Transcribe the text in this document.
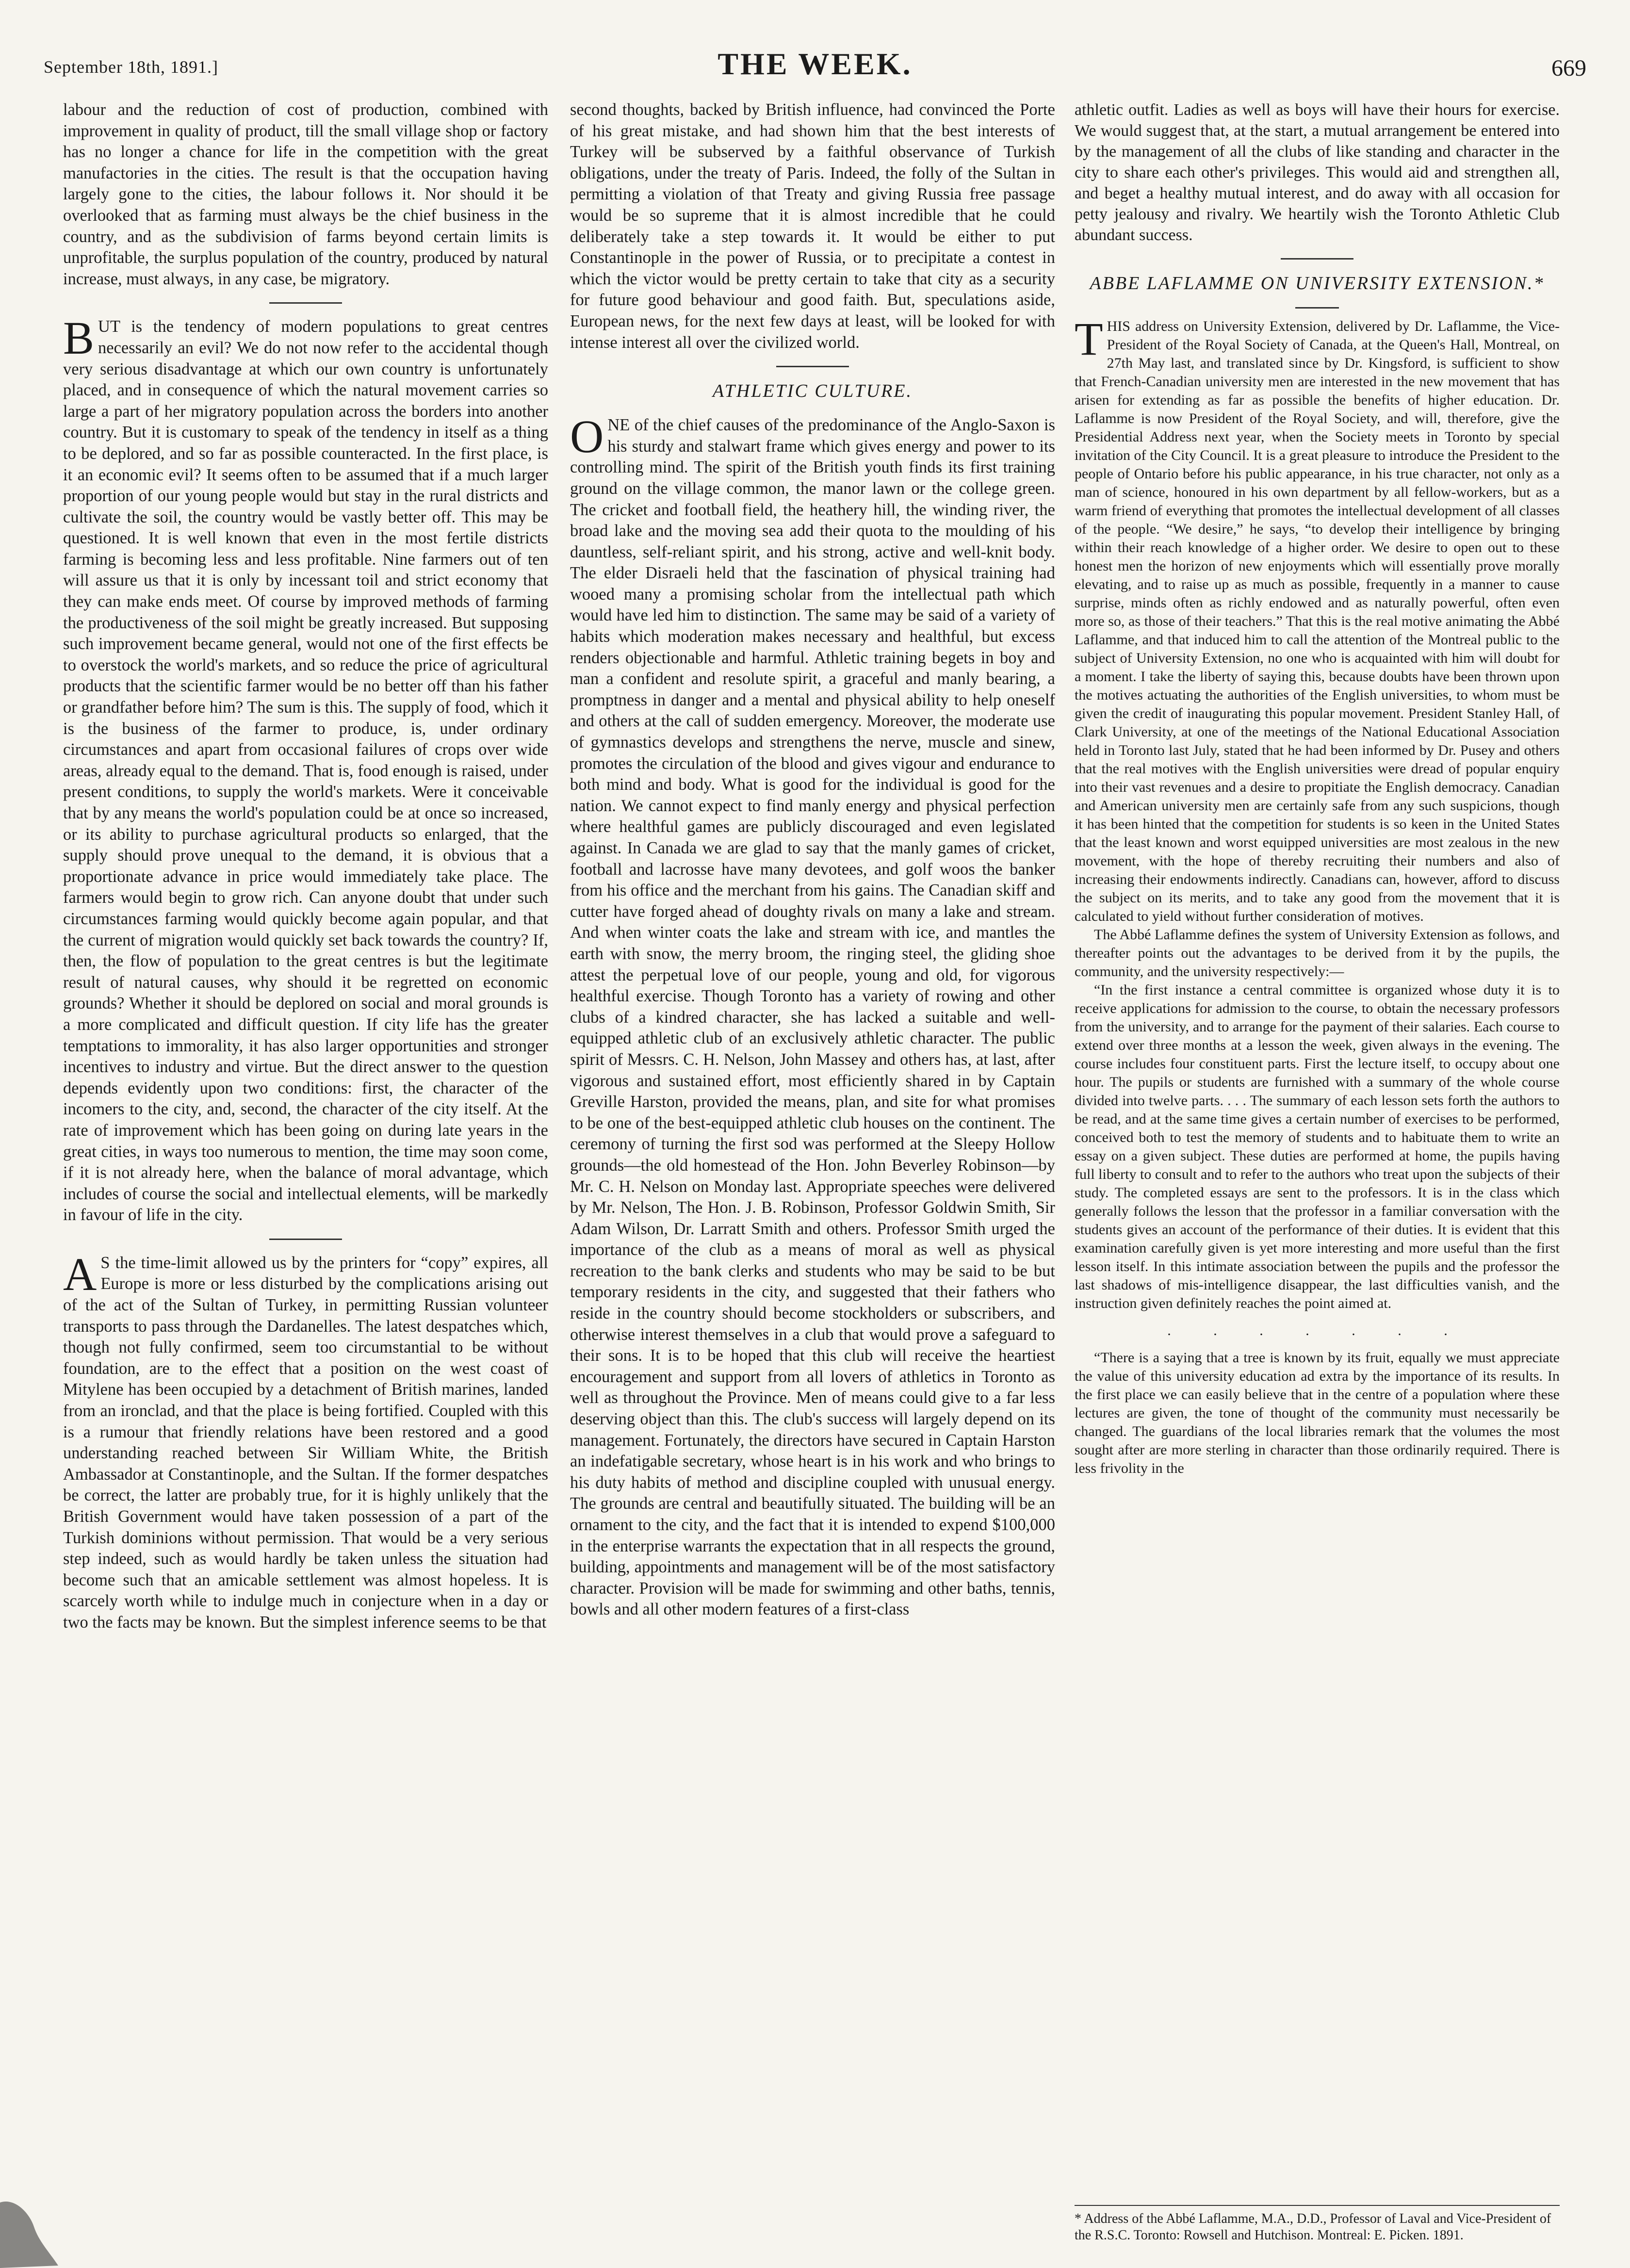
September 18th, 1891.]	THE WEEK.	669

labour and the reduction of cost of production, combined with improvement in quality of product, till the small village shop or factory has no longer a chance for life in the competition with the great manufactories in the cities. The result is that the occupation having largely gone to the cities, the labour follows it. Nor should it be overlooked that as farming must always be the chief business in the country, and as the subdivision of farms beyond certain limits is unprofitable, the surplus population of the country, produced by natural increase, must always, in any case, be migratory.

BUT is the tendency of modern populations to great centres necessarily an evil? We do not now refer to the accidental though very serious disadvantage at which our own country is unfortunately placed, and in consequence of which the natural movement carries so large a part of her migratory population across the borders into another country. But it is customary to speak of the tendency in itself as a thing to be deplored, and so far as possible counteracted. In the first place, is it an economic evil? It seems often to be assumed that if a much larger proportion of our young people would but stay in the rural districts and cultivate the soil, the country would be vastly better off. This may be questioned. It is well known that even in the most fertile districts farming is becoming less and less profitable. Nine farmers out of ten will assure us that it is only by incessant toil and strict economy that they can make ends meet. Of course by improved methods of farming the productiveness of the soil might be greatly increased. But supposing such improvement became general, would not one of the first effects be to overstock the world's markets, and so reduce the price of agricultural products that the scientific farmer would be no better off than his father or grandfather before him? The sum is this. The supply of food, which it is the business of the farmer to produce, is, under ordinary circumstances and apart from occasional failures of crops over wide areas, already equal to the demand. That is, food enough is raised, under present conditions, to supply the world's markets. Were it conceivable that by any means the world's population could be at once so increased, or its ability to purchase agricultural products so enlarged, that the supply should prove unequal to the demand, it is obvious that a proportionate advance in price would immediately take place. The farmers would begin to grow rich. Can anyone doubt that under such circumstances farming would quickly become again popular, and that the current of migration would quickly set back towards the country? If, then, the flow of population to the great centres is but the legitimate result of natural causes, why should it be regretted on economic grounds? Whether it should be deplored on social and moral grounds is a more complicated and difficult question. If city life has the greater temptations to immorality, it has also larger opportunities and stronger incentives to industry and virtue. But the direct answer to the question depends evidently upon two conditions: first, the character of the incomers to the city, and, second, the character of the city itself. At the rate of improvement which has been going on during late years in the great cities, in ways too numerous to mention, the time may soon come, if it is not already here, when the balance of moral advantage, which includes of course the social and intellectual elements, will be markedly in favour of life in the city.

A S the time-limit allowed us by the printers for “copy” expires, all Europe is more or less disturbed by the complications arising out of the act of the Sultan of Turkey, in permitting Russian volunteer transports to pass through the Dardanelles. The latest despatches which, though not fully confirmed, seem too circumstantial to be without foundation, are to the effect that a position on the west coast of Mitylene has been occupied by a detachment of British marines, landed from an ironclad, and that the place is being fortified. Coupled with this is a rumour that friendly relations have been restored and a good understanding reached between Sir William White, the British Ambassador at Constantinople, and the Sultan. If the former despatches be correct, the latter are probably true, for it is highly unlikely that the British Government would have taken possession of a part of the Turkish dominions without permission. That would be a very serious step indeed, such as would hardly be taken unless the situation had become such that an amicable settlement was almost hopeless. It is scarcely worth while to indulge much in conjecture when in a day or two the facts may be known. But the simplest inference seems to be that

second thoughts, backed by British influence, had convinced the Porte of his great mistake, and had shown him that the best interests of Turkey will be subserved by a faithful observance of Turkish obligations, under the treaty of Paris. Indeed, the folly of the Sultan in permitting a violation of that Treaty and giving Russia free passage would be so supreme that it is almost incredible that he could deliberately take a step towards it. It would be either to put Constantinople in the power of Russia, or to precipitate a contest in which the victor would be pretty certain to take that city as a security for future good behaviour and good faith. But, speculations aside, European news, for the next few days at least, will be looked for with intense interest all over the civilized world.

ATHLETIC CULTURE.

ONE of the chief causes of the predominance of the Anglo-Saxon is his sturdy and stalwart frame which gives energy and power to its controlling mind. The spirit of the British youth finds its first training ground on the village common, the manor lawn or the college green. The cricket and football field, the heathery hill, the winding river, the broad lake and the moving sea add their quota to the moulding of his dauntless, self-reliant spirit, and his strong, active and well-knit body. The elder Disraeli held that the fascination of physical training had wooed many a promising scholar from the intellectual path which would have led him to distinction. The same may be said of a variety of habits which moderation makes necessary and healthful, but excess renders objectionable and harmful. Athletic training begets in boy and man a confident and resolute spirit, a graceful and manly bearing, a promptness in danger and a mental and physical ability to help oneself and others at the call of sudden emergency. Moreover, the moderate use of gymnastics develops and strengthens the nerve, muscle and sinew, promotes the circulation of the blood and gives vigour and endurance to both mind and body. What is good for the individual is good for the nation. We cannot expect to find manly energy and physical perfection where healthful games are publicly discouraged and even legislated against. In Canada we are glad to say that the manly games of cricket, football and lacrosse have many devotees, and golf woos the banker from his office and the merchant from his gains. The Canadian skiff and cutter have forged ahead of doughty rivals on many a lake and stream. And when winter coats the lake and stream with ice, and mantles the earth with snow, the merry broom, the ringing steel, the gliding shoe attest the perpetual love of our people, young and old, for vigorous healthful exercise. Though Toronto has a variety of rowing and other clubs of a kindred character, she has lacked a suitable and well-equipped athletic club of an exclusively athletic character. The public spirit of Messrs. C. H. Nelson, John Massey and others has, at last, after vigorous and sustained effort, most efficiently shared in by Captain Greville Harston, provided the means, plan, and site for what promises to be one of the best-equipped athletic club houses on the continent. The ceremony of turning the first sod was performed at the Sleepy Hollow grounds—the old homestead of the Hon. John Beverley Robinson—by Mr. C. H. Nelson on Monday last. Appropriate speeches were delivered by Mr. Nelson, The Hon. J. B. Robinson, Professor Goldwin Smith, Sir Adam Wilson, Dr. Larratt Smith and others. Professor Smith urged the importance of the club as a means of moral as well as physical recreation to the bank clerks and students who may be said to be but temporary residents in the city, and suggested that their fathers who reside in the country should become stockholders or subscribers, and otherwise interest themselves in a club that would prove a safeguard to their sons. It is to be hoped that this club will receive the heartiest encouragement and support from all lovers of athletics in Toronto as well as throughout the Province. Men of means could give to a far less deserving object than this. The club's success will largely depend on its management. Fortunately, the directors have secured in Captain Harston an indefatigable secretary, whose heart is in his work and who brings to his duty habits of method and discipline coupled with unusual energy. The grounds are central and beautifully situated. The building will be an ornament to the city, and the fact that it is intended to expend $100,000 in the enterprise warrants the expectation that in all respects the ground, building, appointments and management will be of the most satisfactory character. Provision will be made for swimming and other baths, tennis, bowls and all other modern features of a first-class

athletic outfit. Ladies as well as boys will have their hours for exercise. We would suggest that, at the start, a mutual arrangement be entered into by the management of all the clubs of like standing and character in the city to share each other's privileges. This would aid and strengthen all, and beget a healthy mutual interest, and do away with all occasion for petty jealousy and rivalry. We heartily wish the Toronto Athletic Club abundant success.

ABBE LAFLAMME ON UNIVERSITY EXTENSION.*

THIS address on University Extension, delivered by Dr. Laflamme, the Vice-President of the Royal Society of Canada, at the Queen's Hall, Montreal, on 27th May last, and translated since by Dr. Kingsford, is sufficient to show that French-Canadian university men are interested in the new movement that has arisen for extending as far as possible the benefits of higher education. Dr. Laflamme is now President of the Royal Society, and will, therefore, give the Presidential Address next year, when the Society meets in Toronto by special invitation of the City Council. It is a great pleasure to introduce the President to the people of Ontario before his public appearance, in his true character, not only as a man of science, honoured in his own department by all fellow-workers, but as a warm friend of everything that promotes the intellectual development of all classes of the people. “We desire,” he says, “to develop their intelligence by bringing within their reach knowledge of a higher order. We desire to open out to these honest men the horizon of new enjoyments which will essentially prove morally elevating, and to raise up as much as possible, frequently in a manner to cause surprise, minds often as richly endowed and as naturally powerful, often even more so, as those of their teachers.” That this is the real motive animating the Abbé Laflamme, and that induced him to call the attention of the Montreal public to the subject of University Extension, no one who is acquainted with him will doubt for a moment. I take the liberty of saying this, because doubts have been thrown upon the motives actuating the authorities of the English universities, to whom must be given the credit of inaugurating this popular movement. President Stanley Hall, of Clark University, at one of the meetings of the National Educational Association held in Toronto last July, stated that he had been informed by Dr. Pusey and others that the real motives with the English universities were dread of popular enquiry into their vast revenues and a desire to propitiate the English democracy. Canadian and American university men are certainly safe from any such suspicions, though it has been hinted that the competition for students is so keen in the United States that the least known and worst equipped universities are most zealous in the new movement, with the hope of thereby recruiting their numbers and also of increasing their endowments indirectly. Canadians can, however, afford to discuss the subject on its merits, and to take any good from the movement that it is calculated to yield without further consideration of motives.

The Abbé Laflamme defines the system of University Extension as follows, and thereafter points out the advantages to be derived from it by the pupils, the community, and the university respectively:—

“In the first instance a central committee is organized whose duty it is to receive applications for admission to the course, to obtain the necessary professors from the university, and to arrange for the payment of their salaries. Each course to extend over three months at a lesson the week, given always in the evening. The course includes four constituent parts. First the lecture itself, to occupy about one hour. The pupils or students are furnished with a summary of the whole course divided into twelve parts. . . . The summary of each lesson sets forth the authors to be read, and at the same time gives a certain number of exercises to be performed, conceived both to test the memory of students and to habituate them to write an essay on a given subject. These duties are performed at home, the pupils having full liberty to consult and to refer to the authors who treat upon the subjects of their study. The completed essays are sent to the professors. It is in the class which generally follows the lesson that the professor in a familiar conversation with the students gives an account of the performance of their duties. It is evident that this examination carefully given is yet more interesting and more useful than the first lesson itself. In this intimate association between the pupils and the professor the last shadows of mis-intelligence disappear, the last difficulties vanish, and the instruction given definitely reaches the point aimed at.

. . . . . . .

“There is a saying that a tree is known by its fruit, equally we must appreciate the value of this university education ad extra by the importance of its results. In the first place we can easily believe that in the centre of a population where these lectures are given, the tone of thought of the community must necessarily be changed. The guardians of the local libraries remark that the volumes the most sought after are more sterling in character than those ordinarily required. There is less frivolity in the

* Address of the Abbé Laflamme, M.A., D.D., Professor of Laval and Vice-President of the R.S.C. Toronto: Rowsell and Hutchison. Montreal: E. Picken. 1891.
